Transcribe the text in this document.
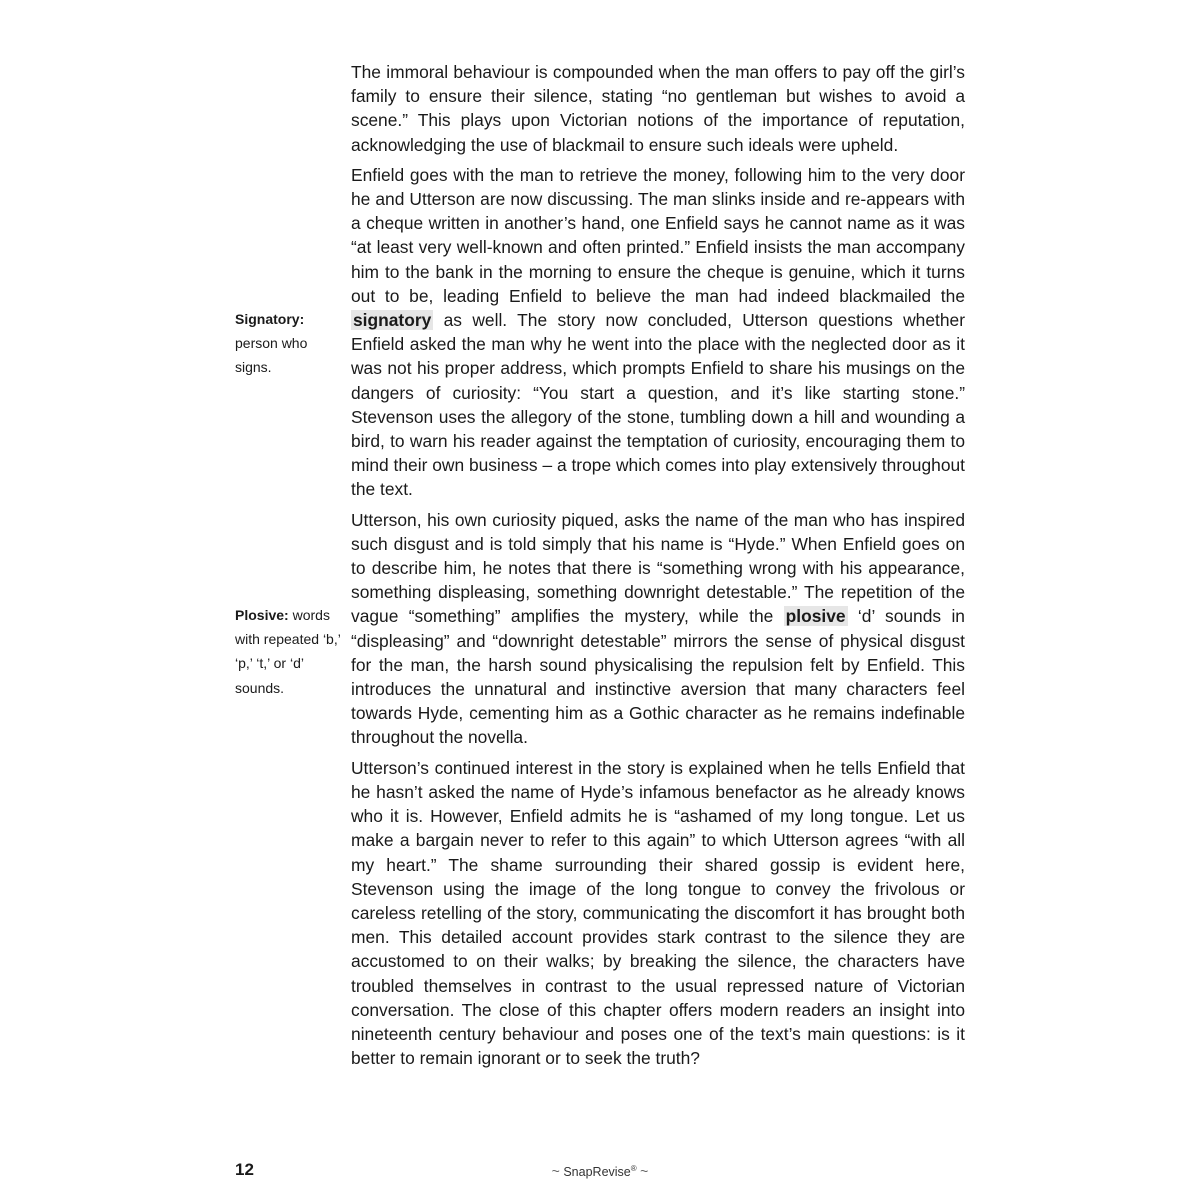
The immoral behaviour is compounded when the man offers to pay off the girl’s family to ensure their silence, stating “no gentleman but wishes to avoid a scene.” This plays upon Victorian notions of the importance of reputation, acknowledging the use of blackmail to ensure such ideals were upheld.

Enfield goes with the man to retrieve the money, following him to the very door he and Utterson are now discussing. The man slinks inside and re-appears with a cheque written in another’s hand, one Enfield says he cannot name as it was “at least very well-known and often printed.” Enfield insists the man accompany him to the bank in the morning to ensure the cheque is genuine, which it turns out to be, leading Enfield to believe the man had indeed blackmailed the signatory as well. The story now concluded, Utterson questions whether Enfield asked the man why he went into the place with the neglected door as it was not his proper address, which prompts Enfield to share his musings on the dangers of curiosity: “You start a question, and it’s like starting stone.” Stevenson uses the allegory of the stone, tumbling down a hill and wounding a bird, to warn his reader against the temptation of curiosity, encouraging them to mind their own business – a trope which comes into play extensively throughout the text.

Utterson, his own curiosity piqued, asks the name of the man who has inspired such disgust and is told simply that his name is “Hyde.” When Enfield goes on to describe him, he notes that there is “something wrong with his appearance, something displeasing, something downright detestable.” The repetition of the vague “something” amplifies the mystery, while the plosive ‘d’ sounds in “displeasing” and “downright detestable” mirrors the sense of physical disgust for the man, the harsh sound physicalising the repulsion felt by Enfield. This introduces the unnatural and instinctive aversion that many characters feel towards Hyde, cementing him as a Gothic character as he remains indefinable throughout the novella.

Utterson’s continued interest in the story is explained when he tells Enfield that he hasn’t asked the name of Hyde’s infamous benefactor as he already knows who it is. However, Enfield admits he is “ashamed of my long tongue. Let us make a bargain never to refer to this again” to which Utterson agrees “with all my heart.” The shame surrounding their shared gossip is evident here, Stevenson using the image of the long tongue to convey the frivolous or careless retelling of the story, communicating the discomfort it has brought both men. This detailed account provides stark contrast to the silence they are accustomed to on their walks; by breaking the silence, the characters have troubled themselves in contrast to the usual repressed nature of Victorian conversation. The close of this chapter offers modern readers an insight into nineteenth century behaviour and poses one of the text’s main questions: is it better to remain ignorant or to seek the truth?

Signatory:
person who signs.
Plosive: words with repeated ‘b,’ ‘p,’ ‘t,’ or ‘d’ sounds.
12	~ SnapRevise® ~
